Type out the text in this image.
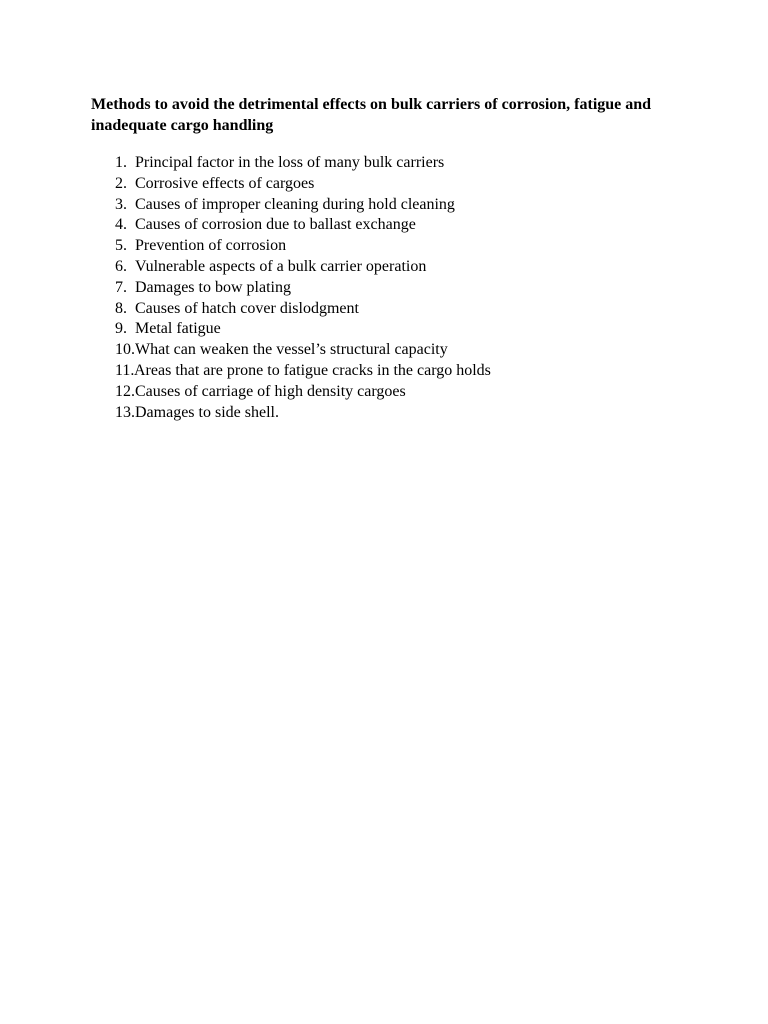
Methods to avoid the detrimental effects on bulk carriers of corrosion, fatigue and inadequate cargo handling
1. Principal factor in the loss of many bulk carriers
2. Corrosive effects of cargoes
3. Causes of improper cleaning during hold cleaning
4. Causes of corrosion due to ballast exchange
5. Prevention of corrosion
6. Vulnerable aspects of a bulk carrier operation
7. Damages to bow plating
8. Causes of hatch cover dislodgment
9. Metal fatigue
10. What can weaken the vessel’s structural capacity
11. Areas that are prone to fatigue cracks in the cargo holds
12. Causes of carriage of high density cargoes
13. Damages to side shell.
